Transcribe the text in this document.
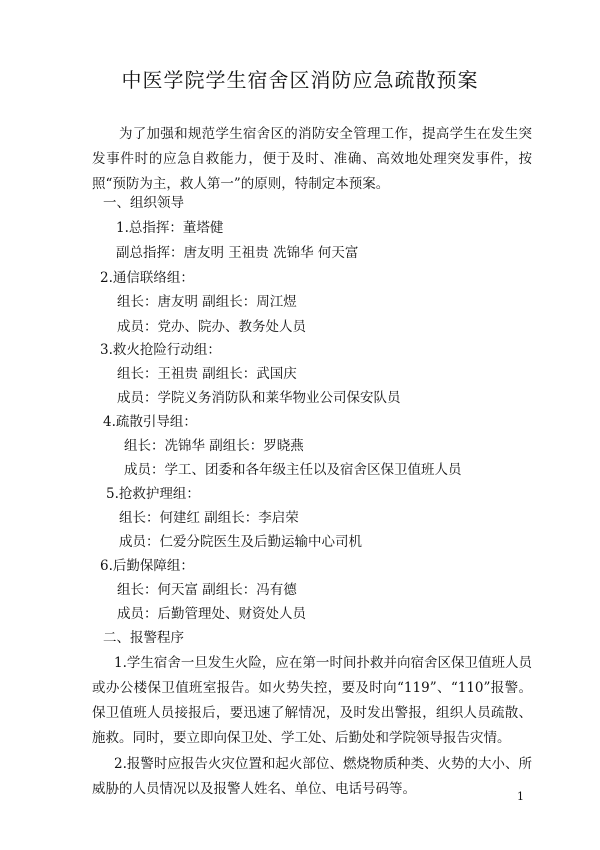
中医学院学生宿舍区消防应急疏散预案
为了加强和规范学生宿舍区的消防安全管理工作，提高学生在发生突发事件时的应急自救能力，便于及时、准确、高效地处理突发事件，按照“预防为主，救人第一”的原则，特制定本预案。
一、组织领导
1.总指挥：董塔健
副总指挥：唐友明 王祖贵 冼锦华 何天富
2.通信联络组：
组长：唐友明 副组长：周江煜
成员：党办、院办、教务处人员
3.救火抢险行动组：
组长：王祖贵 副组长：武国庆
成员：学院义务消防队和莱华物业公司保安队员
4.疏散引导组：
组长：冼锦华 副组长：罗晓燕
成员：学工、团委和各年级主任以及宿舍区保卫值班人员
5.抢救护理组：
组长：何建红 副组长：李启荣
成员：仁爱分院医生及后勤运输中心司机
6.后勤保障组：
组长：何天富 副组长：冯有德
成员：后勤管理处、财资处人员
二、报警程序
1.学生宿舍一旦发生火险，应在第一时间扑救并向宿舍区保卫值班人员或办公楼保卫值班室报告。如火势失控，要及时向“119”、“110”报警。保卫值班人员接报后，要迅速了解情况，及时发出警报，组织人员疏散、施救。同时，要立即向保卫处、学工处、后勤处和学院领导报告灾情。
2.报警时应报告火灾位置和起火部位、燃烧物质种类、火势的大小、所威胁的人员情况以及报警人姓名、单位、电话号码等。	1
